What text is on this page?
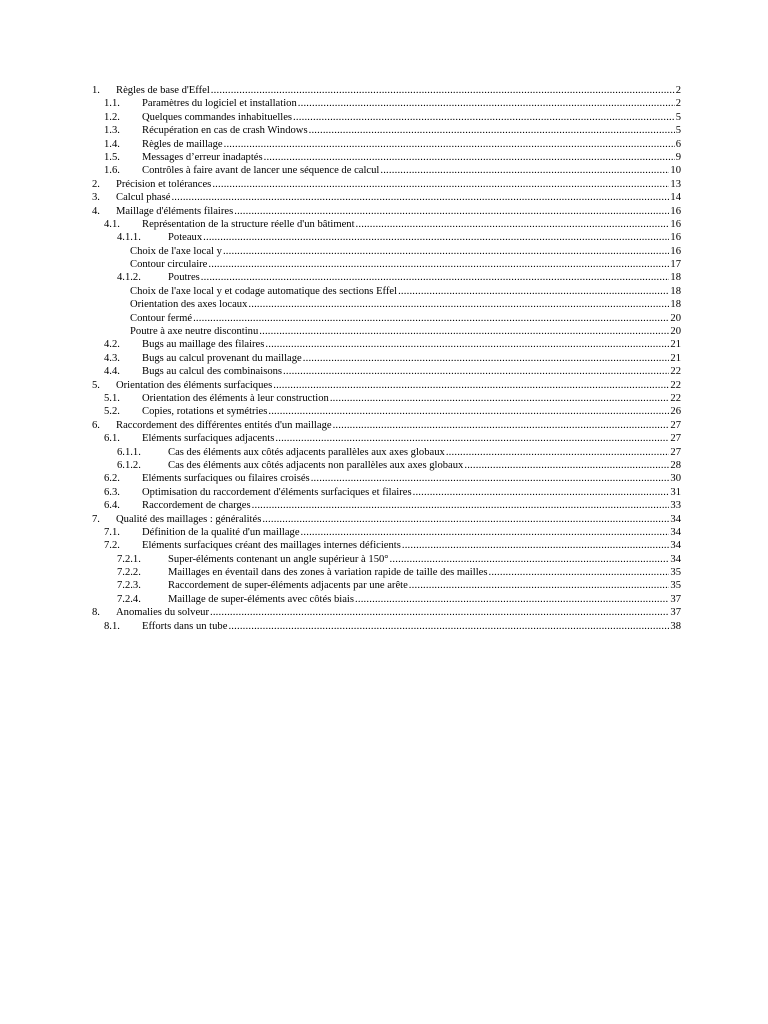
1.	Règles de base d'Effel .....	2
1.1.	Paramètres du logiciel et installation .....	2
1.2.	Quelques commandes inhabituelles .....	5
1.3.	Récupération en cas de crash Windows .....	5
1.4.	Règles de maillage .....	6
1.5.	Messages d’erreur inadaptés .....	9
1.6.	Contrôles à faire avant de lancer une séquence de calcul .....	10
2.	Précision et tolérances .....	13
3.	Calcul phasé .....	14
4.	Maillage d'éléments filaires .....	16
4.1.	Représentation de la structure réelle d'un bâtiment .....	16
4.1.1.	Poteaux .....	16
Choix de l'axe local y .....	16
Contour circulaire .....	17
4.1.2.	Poutres .....	18
Choix de l'axe local y et codage automatique des sections Effel .....	18
Orientation des axes locaux .....	18
Contour fermé .....	20
Poutre à axe neutre discontinu .....	20
4.2.	Bugs au maillage des filaires .....	21
4.3.	Bugs au calcul provenant du maillage .....	21
4.4.	Bugs au calcul des combinaisons .....	22
5.	Orientation des éléments surfaciques .....	22
5.1.	Orientation des éléments à leur construction .....	22
5.2.	Copies, rotations et symétries .....	26
6.	Raccordement des différentes entités d'un maillage .....	27
6.1.	Eléments surfaciques adjacents .....	27
6.1.1.	Cas des éléments aux côtés adjacents parallèles aux axes globaux .....	27
6.1.2.	Cas des éléments aux côtés adjacents non parallèles aux axes globaux .....	28
6.2.	Eléments surfaciques ou filaires croisés .....	30
6.3.	Optimisation du raccordement d'éléments surfaciques et filaires .....	31
6.4.	Raccordement de charges .....	33
7.	Qualité des maillages : généralités .....	34
7.1.	Définition de la qualité d'un maillage .....	34
7.2.	Eléments surfaciques créant des maillages internes déficients .....	34
7.2.1.	Super-éléments contenant un angle supérieur à 150° .....	34
7.2.2.	Maillages en éventail dans des zones à variation rapide de taille des mailles .....	35
7.2.3.	Raccordement de super-éléments adjacents par une arête .....	35
7.2.4.	Maillage de super-éléments avec côtés biais .....	37
8.	Anomalies du solveur .....	37
8.1.	Efforts dans un tube .....	38
